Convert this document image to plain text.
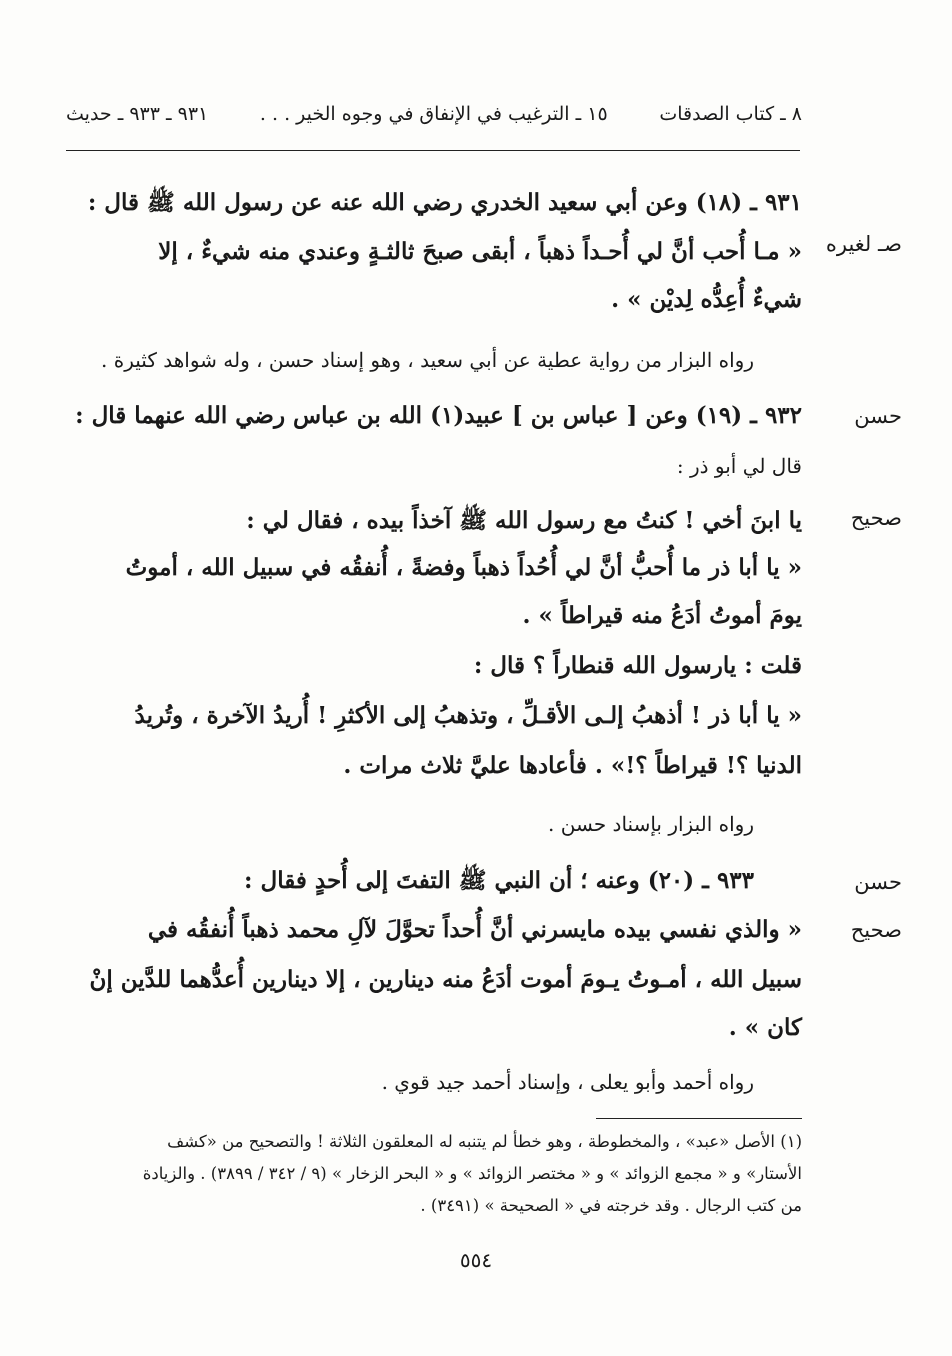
٨ ـ كتاب الصدقات
١٥ ـ الترغيب في الإنفاق في وجوه الخير . . .
٩٣١ ـ ٩٣٣ ـ حديث
صـ لغيره
٩٣١ ـ (١٨) وعن أبي سعيد الخدري رضي الله عنه عن رسول الله ﷺ قال :
« مـا أُحب أنَّ لي أُحـداً ذهباً ، أبقى صبحَ ثالثـةٍ وعندي منه شيءٌ ، إلا
شيءٌ أُعِدُّه لِديْن » .
رواه البزار من رواية عطية عن أبي سعيد ، وهو إسناد حسن ، وله شواهد كثيرة .
حسن
صحيح
٩٣٢ ـ (١٩) وعن [ عباس بن ] عبيد(١) الله بن عباس رضي الله عنهما قال :
قال لي أبو ذر :
يا ابنَ أخي ! كنتُ مع رسول الله ﷺ آخذاً بيده ، فقال لي :
« يا أبا ذر ما أُحبُّ أنَّ لي أُحُداً ذهباً وفضةً ، أُنفقُه في سبيل الله ، أموتُ
يومَ أموتُ أدَعُ منه قيراطاً » .
قلت : يارسول الله قنطاراً ؟ قال :
« يا أبا ذر ! أذهبُ إلـى الأقـلِّ ، وتذهبُ إلى الأكثرِ ! أُريدُ الآخرة ، وتُريدُ
الدنيا ؟! قيراطاً ؟!» . فأعادها عليَّ ثلاث مرات .
رواه البزار بإسناد حسن .
حسن
صحيح
٩٣٣ ـ (٢٠) وعنه ؛ أن النبي ﷺ التفتَ إلى أُحدٍ فقال :
« والذي نفسي بيده مايسرني أنَّ أُحداً تحوَّلَ لآلِ محمد ذهباً أُنفقُه في
سبيل الله ، أمـوتُ يـومَ أموت أدَعُ منه دينارين ، إلا دينارين أُعدُّهما للدَّين إنْ
كان » .
رواه أحمد وأبو يعلى ، وإسناد أحمد جيد قوي .
(١) الأصل «عبد» ، والمخطوطة ، وهو خطأ لم يتنبه له المعلقون الثلاثة ! والتصحيح من «كشف
الأستار» و « مجمع الزوائد » و « مختصر الزوائد » و « البحر الزخار » (٩ / ٣٤٢ / ٣٨٩٩) . والزيادة
من كتب الرجال . وقد خرجته في « الصحيحة » (٣٤٩١) .
٥٥٤
